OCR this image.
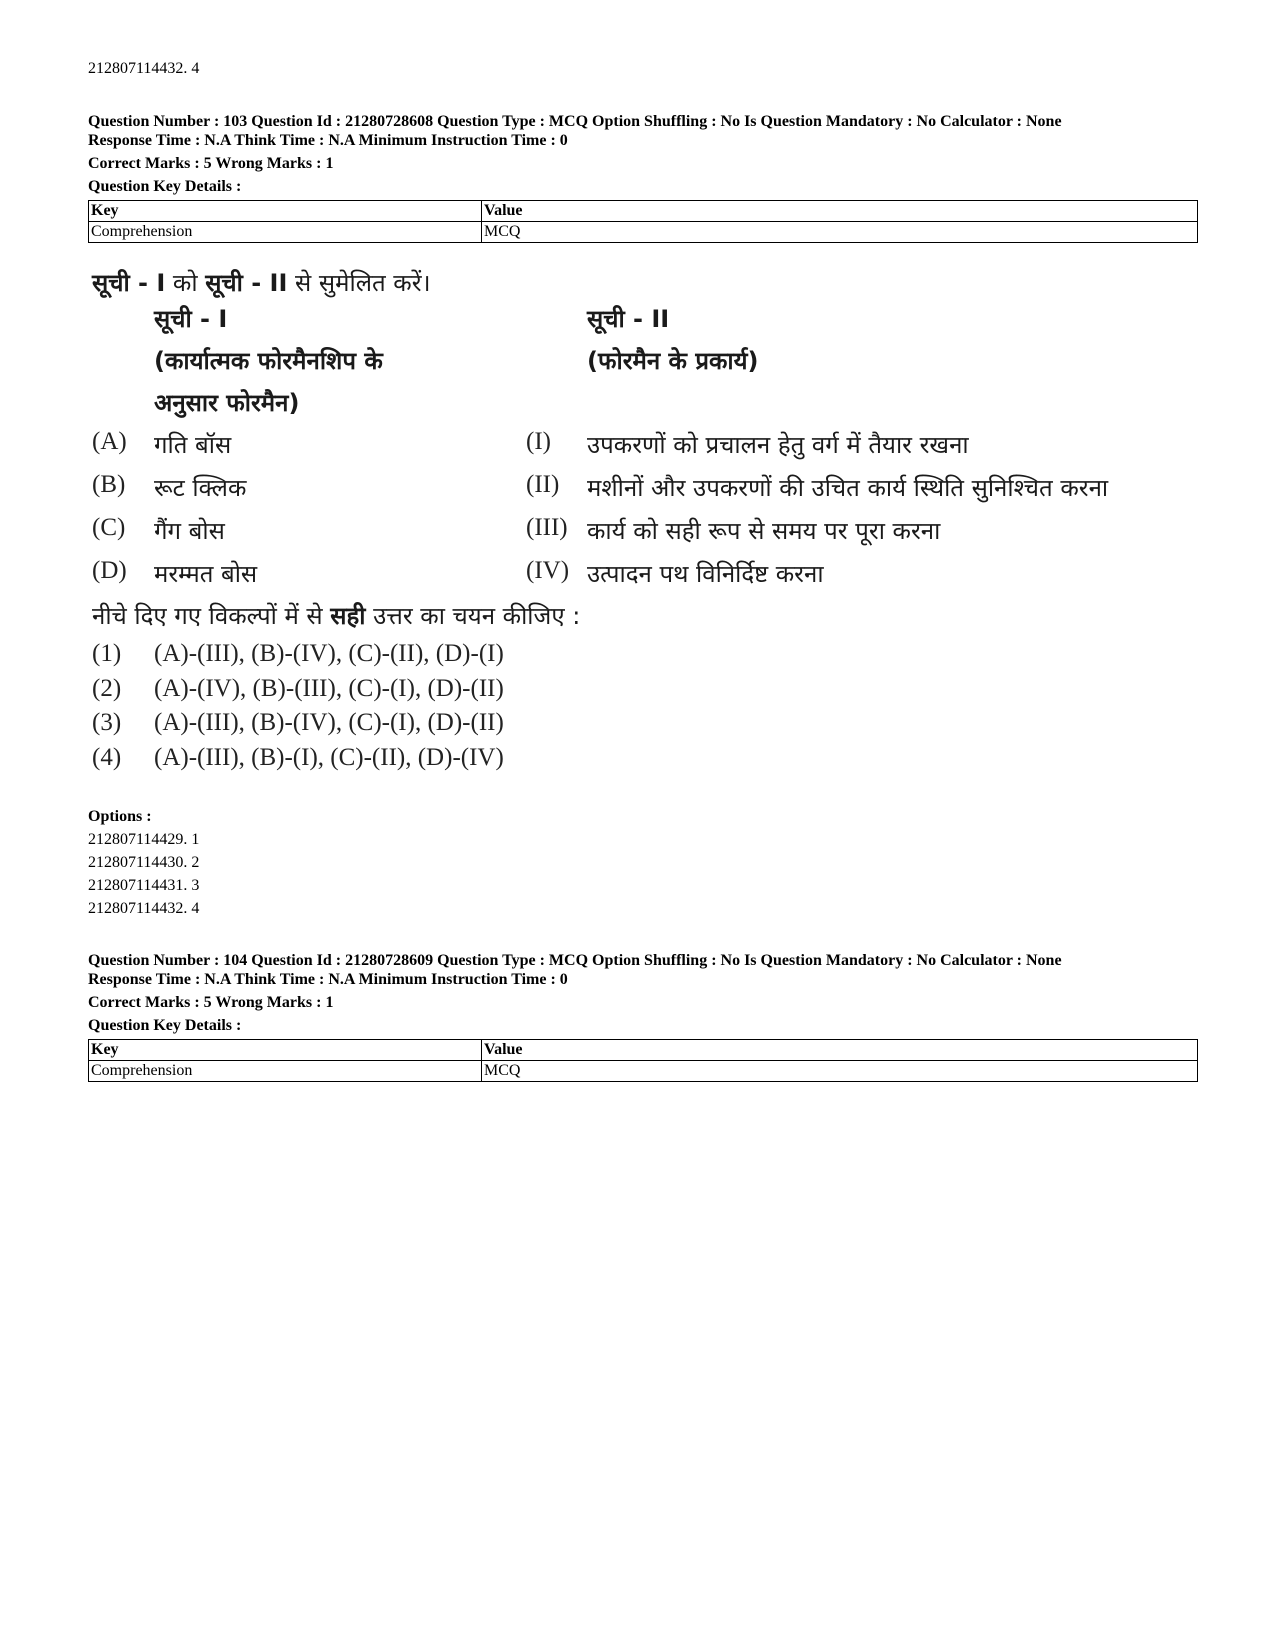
212807114432. 4
Question Number : 103 Question Id : 21280728608 Question Type : MCQ Option Shuffling : No Is Question Mandatory : No Calculator : None
Response Time : N.A Think Time : N.A Minimum Instruction Time : 0
Correct Marks : 5 Wrong Marks : 1
Question Key Details :
Key	Value
Comprehension	MCQ
सूची - I को सूची - II से सुमेलित करें।
सूची - I	सूची - II
(कार्यात्मक फोरमैनशिप के	(फोरमैन के प्रकार्य)
अनुसार फोरमैन)
(A) गति बॉस	(I) उपकरणों को प्रचालन हेतु वर्ग में तैयार रखना
(B) रूट क्लिक	(II) मशीनों और उपकरणों की उचित कार्य स्थिति सुनिश्चित करना
(C) गैंग बोस	(III) कार्य को सही रूप से समय पर पूरा करना
(D) मरम्मत बोस	(IV) उत्पादन पथ विनिर्दिष्ट करना
नीचे दिए गए विकल्पों में से सही उत्तर का चयन कीजिए :
(1) (A)-(III), (B)-(IV), (C)-(II), (D)-(I)
(2) (A)-(IV), (B)-(III), (C)-(I), (D)-(II)
(3) (A)-(III), (B)-(IV), (C)-(I), (D)-(II)
(4) (A)-(III), (B)-(I), (C)-(II), (D)-(IV)
Options :
212807114429. 1
212807114430. 2
212807114431. 3
212807114432. 4
Question Number : 104 Question Id : 21280728609 Question Type : MCQ Option Shuffling : No Is Question Mandatory : No Calculator : None
Response Time : N.A Think Time : N.A Minimum Instruction Time : 0
Correct Marks : 5 Wrong Marks : 1
Question Key Details :
Key	Value
Comprehension	MCQ
